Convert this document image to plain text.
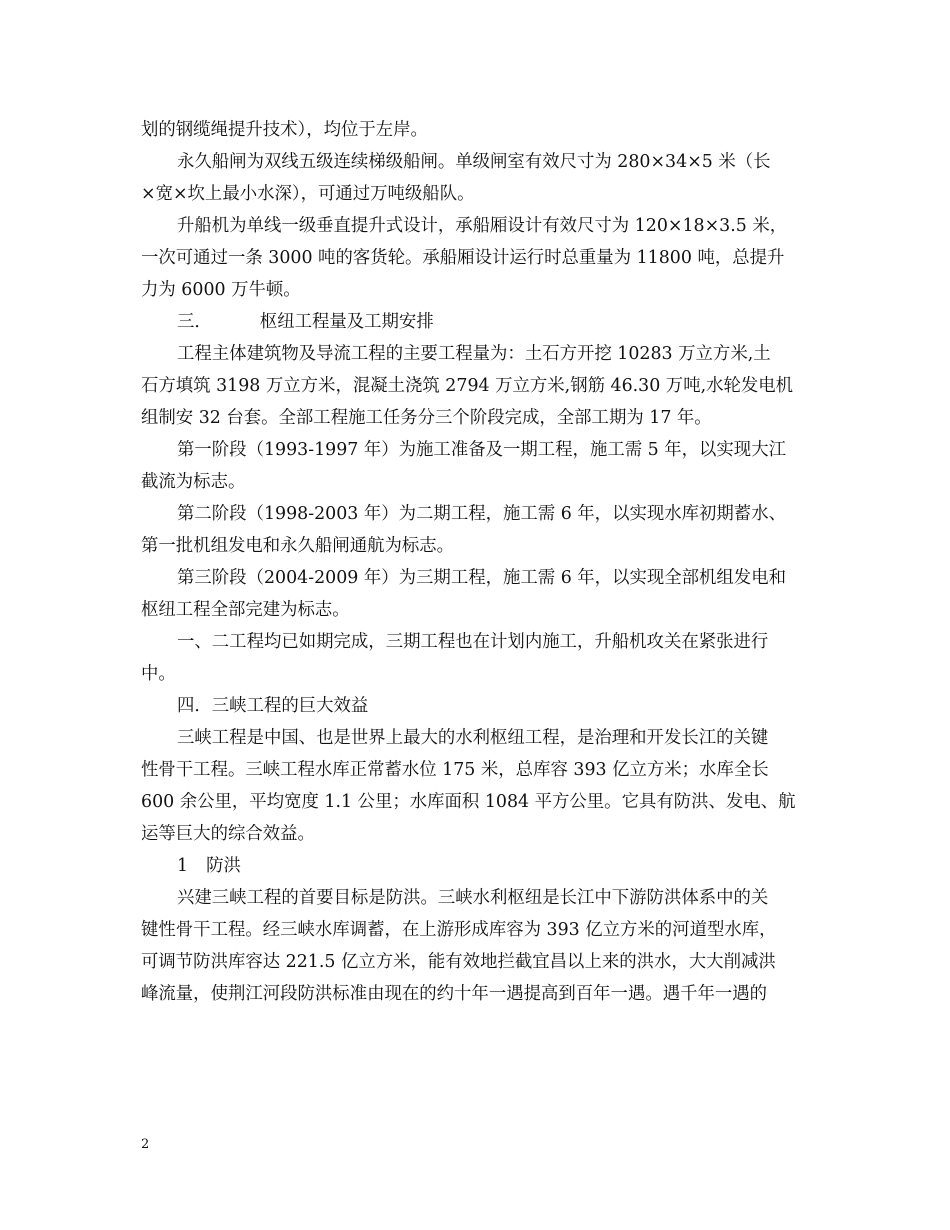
划的钢缆绳提升技术），均位于左岸。
永久船闸为双线五级连续梯级船闸。单级闸室有效尺寸为 280×34×5 米（长
×宽×坎上最小水深），可通过万吨级船队。
升船机为单线一级垂直提升式设计，承船厢设计有效尺寸为 120×18×3.5 米，
一次可通过一条 3000 吨的客货轮。承船厢设计运行时总重量为 11800 吨，总提升
力为 6000 万牛顿。
三．	枢纽工程量及工期安排
工程主体建筑物及导流工程的主要工程量为：土石方开挖 10283 万立方米,土
石方填筑 3198 万立方米，混凝土浇筑 2794 万立方米,钢筋 46.30 万吨,水轮发电机
组制安 32 台套。全部工程施工任务分三个阶段完成，全部工期为 17 年。
第一阶段（1993-1997 年）为施工准备及一期工程，施工需 5 年，以实现大江
截流为标志。
第二阶段（1998-2003 年）为二期工程，施工需 6 年，以实现水库初期蓄水、
第一批机组发电和永久船闸通航为标志。
第三阶段（2004-2009 年）为三期工程，施工需 6 年，以实现全部机组发电和
枢纽工程全部完建为标志。
一、二工程均已如期完成，三期工程也在计划内施工，升船机攻关在紧张进行
中。
四．三峡工程的巨大效益
三峡工程是中国、也是世界上最大的水利枢纽工程，是治理和开发长江的关键
性骨干工程。三峡工程水库正常蓄水位 175 米，总库容 393 亿立方米；水库全长
600 余公里，平均宽度 1.1 公里；水库面积 1084 平方公里。它具有防洪、发电、航
运等巨大的综合效益。
1 防洪
兴建三峡工程的首要目标是防洪。三峡水利枢纽是长江中下游防洪体系中的关
键性骨干工程。经三峡水库调蓄，在上游形成库容为 393 亿立方米的河道型水库，
可调节防洪库容达 221.5 亿立方米，能有效地拦截宜昌以上来的洪水，大大削减洪
峰流量，使荆江河段防洪标准由现在的约十年一遇提高到百年一遇。遇千年一遇的
2
